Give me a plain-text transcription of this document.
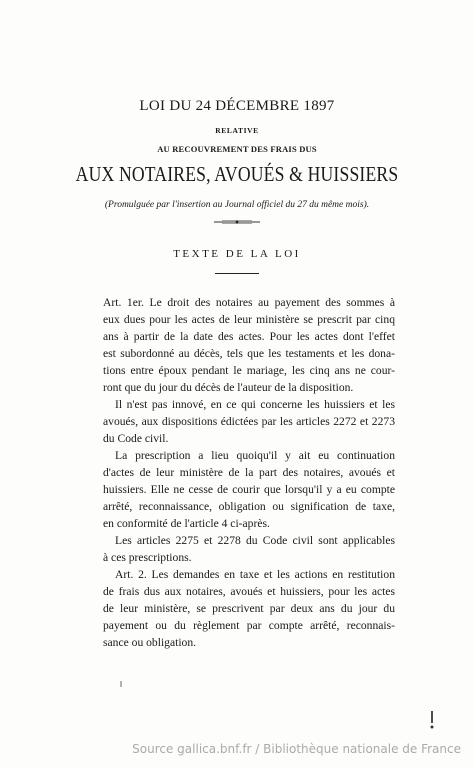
LOI DU 24 DÉCEMBRE 1897
RELATIVE
AU RECOUVREMENT DES FRAIS DUS
AUX NOTAIRES, AVOUÉS & HUISSIERS
(Promulguée par l'insertion au Journal officiel du 27 du même mois).
TEXTE DE LA LOI
Art. 1er. Le droit des notaires au payement des sommes à
eux dues pour les actes de leur ministère se prescrit par cinq
ans à partir de la date des actes. Pour les actes dont l'effet
est subordonné au décès, tels que les testaments et les dona-
tions entre époux pendant le mariage, les cinq ans ne cour-
ront que du jour du décès de l'auteur de la disposition.
Il n'est pas innové, en ce qui concerne les huissiers et les
avoués, aux dispositions édictées par les articles 2272 et 2273
du Code civil.
La prescription a lieu quoiqu'il y ait eu continuation
d'actes de leur ministère de la part des notaires, avoués et
huissiers. Elle ne cesse de courir que lorsqu'il y a eu compte
arrêté, reconnaissance, obligation ou signification de taxe,
en conformité de l'article 4 ci-après.
Les articles 2275 et 2278 du Code civil sont applicables
à ces prescriptions.
Art. 2. Les demandes en taxe et les actions en restitution
de frais dus aux notaires, avoués et huissiers, pour les actes
de leur ministère, se prescrivent par deux ans du jour du
payement ou du règlement par compte arrêté, reconnais-
sance ou obligation.
Source gallica.bnf.fr / Bibliothèque nationale de France
